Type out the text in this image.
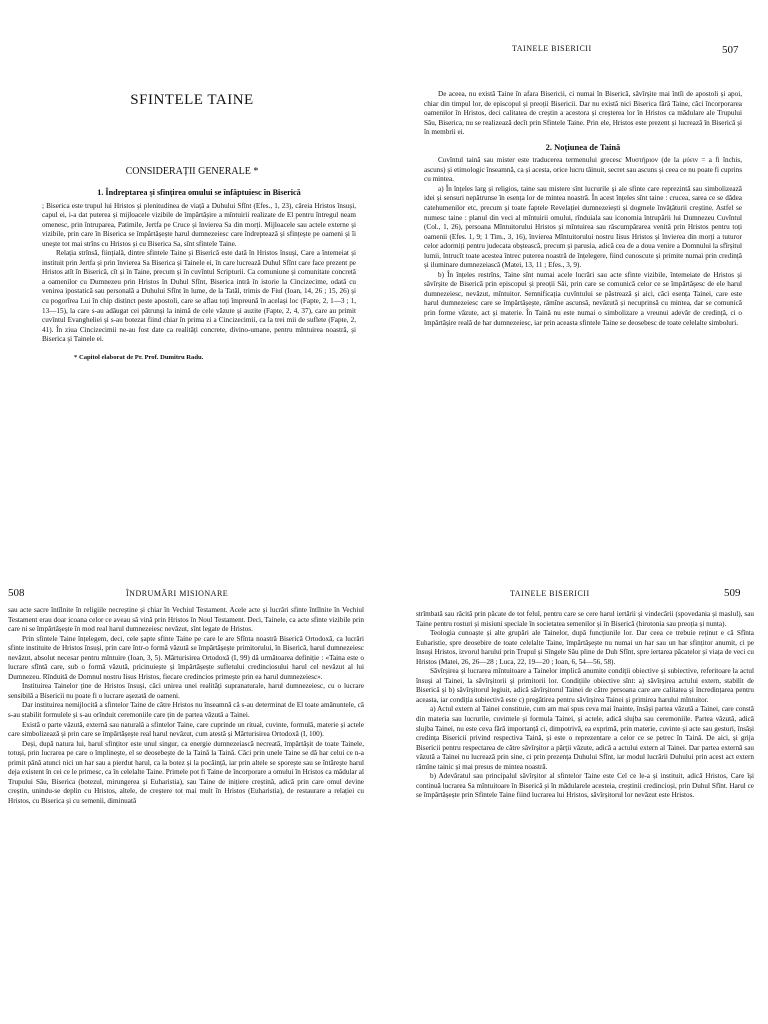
SFINTELE TAINE
CONSIDERAȚII GENERALE *
1. Îndreptarea și sfințirea omului se înfăptuiesc în Biserică

; Biserica este trupul lui Hristos și plenitudinea de viață a Duhului Sfînt (Efes., 1, 23), căreia Hristos însuși, capul ei, i-a dat puterea și mijloacele vizibile de împărtășire a mîntuirii realizate de El pentru întregul neam omenesc, prin întruparea, Patimile, Jertfa pe Cruce și învierea Sa din morți. Mijloacele sau actele externe și vizibile, prin care în Biserica se împărtășește harul dumnezeiesc care îndreptează și sfințește pe oameni și îi unește tot mai strîns cu Hristos și cu Biserica Sa, sînt sfintele Taine.

Relația strînsă, ființială, dintre sfintele Taine și Biserică este dată în Hristos însuși, Care a întemeiat și instituit prin Jertfa și prin învierea Sa Biserica și Tainele ei, în care lucrează Duhul Sfînt care face prezent pe Hristos atît în Biserică, cît și în Taine, precum și în cuvîntul Scripturii. Ca comuniune și comunitate concretă a oamenilor cu Dumnezeu prin Hristos în Duhul Sfînt, Biserica intră în istorie la Cincizecime, odată cu venirea ipostatică sau personală a Duhului Sfînt în lume, de la Tatăl, trimis de Fiul (Ioan, 14, 26 ; 15, 26) și cu pogorîrea Lui în chip distinct peste apostoli, care se aflau toți împreună în același loc (Fapte, 2, 1—3 ; 1, 13—15), la care s-au adăugat cei pătrunși la inimă de cele văzute și auzite (Fapte, 2, 4, 37), care au primit cuvîntul Evangheliei și s-au botezat fiind chiar în prima zi a Cincizecimii, ca la trei mii de suflete (Fapte, 2, 41). În ziua Cincizecimii ne-au fost date ca realități concrete, divino-umane, pentru mîntuirea noastră, și Biserica și Tainele ei.

* Capitol elaborat de Pr. Prof. Dumitru Radu.
TAINELE BISERICII	507

De aceea, nu există Taine în afara Bisericii, ci numai în Biserică, săvîrșite mai întîi de apostoli și apoi, chiar din timpul lor, de episcopul și preoții Bisericii. Dar nu există nici Biserica fără Taine, căci încorporarea oamenilor în Hristos, deci calitatea de creștin a acestora și creșterea lor în Hristos ca mădulare ale Trupului Său, Biserica, nu se realizează decît prin Sfintele Taine. Prin ele, Hristos este prezent și lucrează în Biserică și în membrii ei.

2. Noțiunea de Taină

Cuvîntul taină sau mister este traducerea termenului grecesc Μυστήριον (de la μύειν = a fi închis, ascuns) și etimologic înseamnă, ca și acesta, orice lucru tăinuit, secret sau ascuns și ceea ce nu poate fi cuprins cu mintea.

a) În înțeles larg și religios, taine sau mistere sînt lucrurile și ale sfinte care reprezintă sau simbolizează idei și sensuri nepătrunse în esența lor de mintea noastră. În acest înțeles sînt taine : crucea, sarea ce se dădea catehumenilor etc, precum și toate faptele Revelației dumnezeiești și dogmele învățăturii creștine. Astfel se numesc taine : planul din veci al mîntuirii omului, rînduiala sau iconomia întrupării lui Dumnezeu Cuvîntul (Col., 1, 26), persoana Mîntuitorului Hristos și mîntuirea sau răscumpărarea venită prin Hristos pentru toți oamenii (Efes. 1, 9; 1 Tim., 3, 16), învierea Mîntuitorului nostru Iisus Hristos și învierea din morți a tuturor celor adormiți pentru judecata obștească, precum și parusia, adică cea de a doua venire a Domnului la sfîrșitul lumii, întrucît toate acestea întrec puterea noastră de înțelegere, fiind cunoscute și primite numai prin credință și iluminare dumnezeiască (Matei, 13, 11 ; Efes., 3, 9).

b) În înțeles restrîns, Taine sînt numai acele lucrări sau acte sfinte vizibile, întemeiate de Hristos și săvîrșite de Biserică prin episcopul și preoții Săi, prin care se comunică celor ce se împărtășesc de ele harul dumnezeiesc, nevăzut, mîntuitor. Semnificația cuvîntului se păstrează și aici, căci esența Tainei, care este harul dumnezeiesc care se împărtășește, rămîne ascunsă, nevăzută și necuprinsă cu mintea, dar se comunică prin forme văzute, act și materie. În Taină nu este numai o simbolizare a vreunui adevăr de credință, ci o împărtășire reală de har dumnezeiesc, iar prin aceasta sfintele Taine se deosebesc de toate celelalte simboluri.

508	ÎNDRUMĂRI MISIONARE

sau acte sacre întîlnite în religiile necreștine și chiar în Vechiul Testament. Acele acte și lucrări sfinte întîlnite în Vechiul Testament erau doar icoana celor ce aveau să vină prin Hristos în Noul Testament. Deci, Tainele, ca acte sfinte vizibile prin care ni se împărtășește în mod real harul dumnezeiesc nevăzut, sînt legate de Hristos.

Prin sfintele Taine înțelegem, deci, cele șapte sfinte Taine pe care le are Sfînta noastră Biserică Ortodoxă, ca lucrări sfinte instituite de Hristos însuși, prin care într-o formă văzută se împărtășește primitorului, în Biserică, harul dumnezeiesc nevăzut, absolut necesar pentru mîntuire (Ioan, 3, 5). Mărturisirea Ortodoxă (I, 99) dă următoarea definiție : «Taina este o lucrare sfîntă care, sub o formă văzută, pricinuiește și împărtășește sufletului credinciosului harul cel nevăzut al lui Dumnezeu. Rînduită de Domnul nostru Iisus Hristos, fiecare credincios primește prin ea harul dumnezeiesc».

Instituirea Tainelor ține de Hristos însuși, căci unirea unei realități supranaturale, harul dumnezeiesc, cu o lucrare sensibilă a Bisericii nu poate fi o lucrare așezată de oameni.

Dar instituirea nemijlocită a sfintelor Taine de către Hristos nu înseamnă că s-au determinat de El toate amănuntele, că s-au stabilit formulele și s-au orînduit ceremoniile care țin de partea văzută a Tainei.

Există o parte văzută, externă sau naturală a sfintelor Taine, care cuprinde un ritual, cuvinte, formulă, materie și actele care simbolizează și prin care se împărtășește real harul nevăzut, cum atestă și Mărturisirea Ortodoxă (I, 100).

Deși, după natura lui, harul sfințitor este unul singur, ca energie dumnezeiască necreată, împărtășit de toate Tainele, totuși, prin lucrarea pe care o împlinește, el se deosebește de la Taină la Taină. Căci prin unele Taine se dă har celui ce n-a primit până atunci nici un har sau a pierdut harul, ca la botez și la pocăință, iar prin altele se sporește sau se întărește harul deja existent în cei ce le primesc, ca în celelalte Taine. Primele pot fi Taine de încorporare a omului în Hristos ca mădular al Trupului Său, Biserica (botezul, mirungerea și Euharistia), sau Taine de inițiere creștină, adică prin care omul devine creștin, unindu-se deplin cu Hristos, altele, de creștere tot mai mult în Hristos (Euharistia), de restaurare a relației cu Hristos, cu Biserica și cu semenii, diminuată

TAINELE BISERICII	509

strîmbată sau răcită prin păcate de tot felul, pentru care se cere harul iertării și vindecării (spovedania și maslul), sau Taine pentru rosturi și misiuni speciale în societatea semenilor și în Biserică (hirotonia sau preoția și nunta).

Teologia cunoaște și alte grupări ale Tainelor, după funcțiunile lor. Dar ceea ce trebuie reținut e că Sfînta Euharistie, spre deosebire de toate celelalte Taine, împărtășește nu numai un har sau un har sfințitor anumit, ci pe însuși Hristos, izvorul harului prin Trupul și Sîngele Său pline de Duh Sfînt, spre iertarea păcatelor și viața de veci cu Hristos (Matei, 26, 26—28 ; Luca, 22, 19—20 ; Ioan, 6, 54—56, 58).

Săvîrșirea și lucrarea mîntuitoare a Tainelor implică anumite condiții obiective și subiective, referitoare la actul însuși al Tainei, la săvîrșitorii și primitorii lor. Condițiile obiective sînt: a) săvîrșirea actului extern, stabilit de Biserică și b) săvîrșitorul legiuit, adică săvîrșitorul Tainei de către persoana care are calitatea și încredințarea pentru aceasta, iar condiția subiectivă este c) pregătirea pentru săvîrșirea Tainei și primirea harului mîntuitor.

a) Actul extern al Tainei constituie, cum am mai spus ceva mai înainte, însăși partea văzută a Tainei, care constă din materia sau lucrurile, cuvintele și formula Tainei, și actele, adică slujba sau ceremoniile. Partea văzută, adică slujba Tainei, nu este ceva fără importanță ci, dimpotrivă, ea exprimă, prin materie, cuvinte și acte sau gesturi, însăși credința Bisericii privind respectiva Taină, și este o reprezentare a celor ce se petrec în Taină. De aici, și grija Bisericii pentru respectarea de către săvîrșitor a părții văzute, adică a actului extern al Tainei. Dar partea externă sau văzută a Tainei nu lucrează prin sine, ci prin prezența Duhului Sfînt, iar modul lucrării Duhului prin acest act extern rămîne tainic și mai presus de mintea noastră.

b) Adevăratul sau principalul săvîrșitor al sfintelor Taine este Cel ce le-a și instituit, adică Hristos, Care își continuă lucrarea Sa mîntuitoare în Biserică și în mădularele acesteia, creștinii credincioși, prin Duhul Sfînt. Harul ce se împărtășește prin Sfintele Taine fiind lucrarea lui Hristos, săvîrșitorul lor nevăzut este Hristos.
